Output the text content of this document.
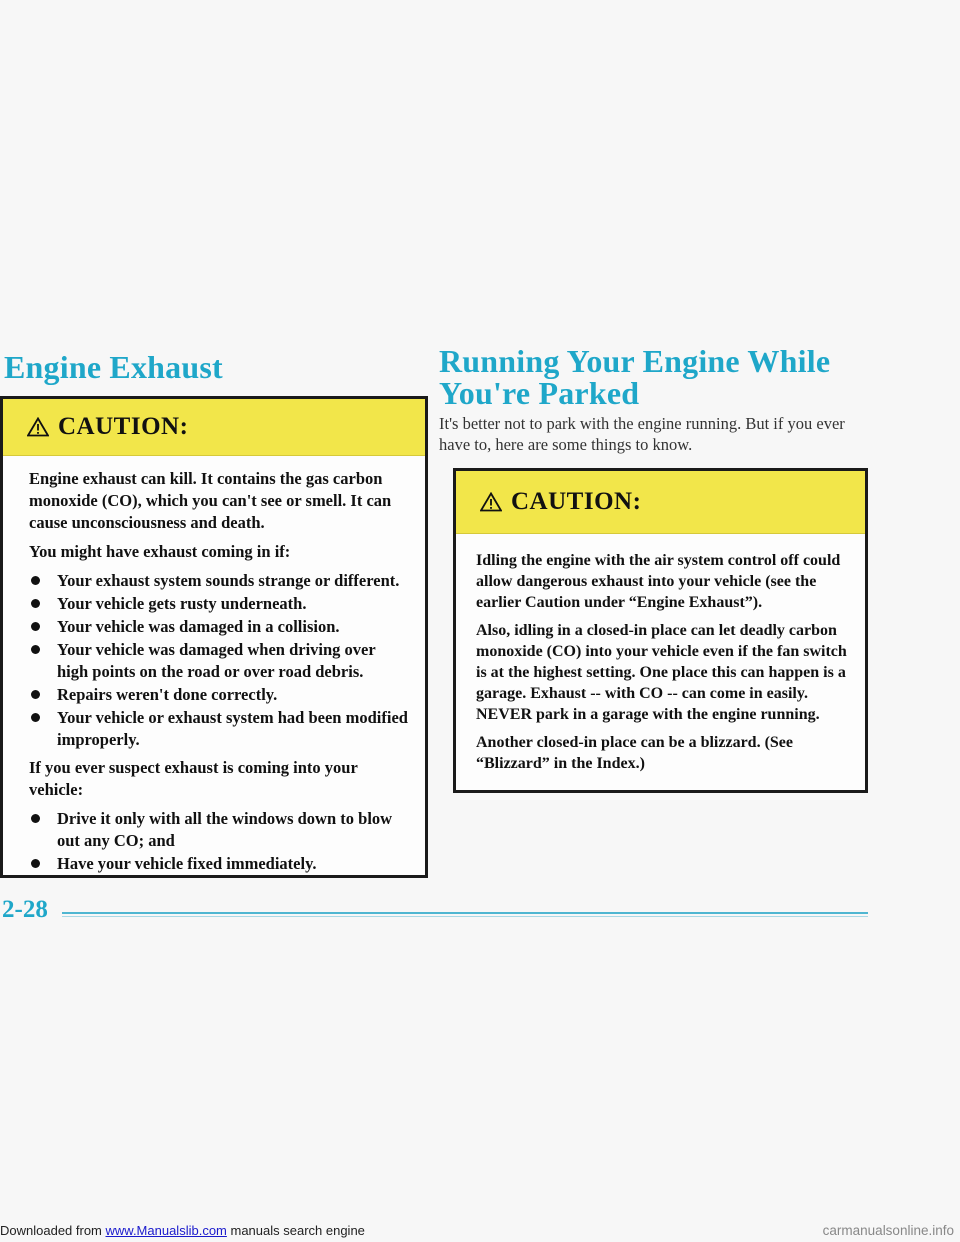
Engine Exhaust
CAUTION:

Engine exhaust can kill. It contains the gas carbon monoxide (CO), which you can't see or smell. It can cause unconsciousness and death.

You might have exhaust coming in if:

Your exhaust system sounds strange or different.
Your vehicle gets rusty underneath.
Your vehicle was damaged in a collision.
Your vehicle was damaged when driving over high points on the road or over road debris.
Repairs weren't done correctly.
Your vehicle or exhaust system had been modified improperly.

If you ever suspect exhaust is coming into your vehicle:

Drive it only with all the windows down to blow out any CO; and
Have your vehicle fixed immediately.
Running Your Engine While You're Parked

It's better not to park with the engine running. But if you ever have to, here are some things to know.

CAUTION:

Idling the engine with the air system control off could allow dangerous exhaust into your vehicle (see the earlier Caution under “Engine Exhaust”).

Also, idling in a closed-in place can let deadly carbon monoxide (CO) into your vehicle even if the fan switch is at the highest setting. One place this can happen is a garage. Exhaust -- with CO -- can come in easily. NEVER park in a garage with the engine running.

Another closed-in place can be a blizzard. (See “Blizzard” in the Index.)

2-28
Downloaded from www.Manualslib.com manuals search engine	carmanualsonline.info
